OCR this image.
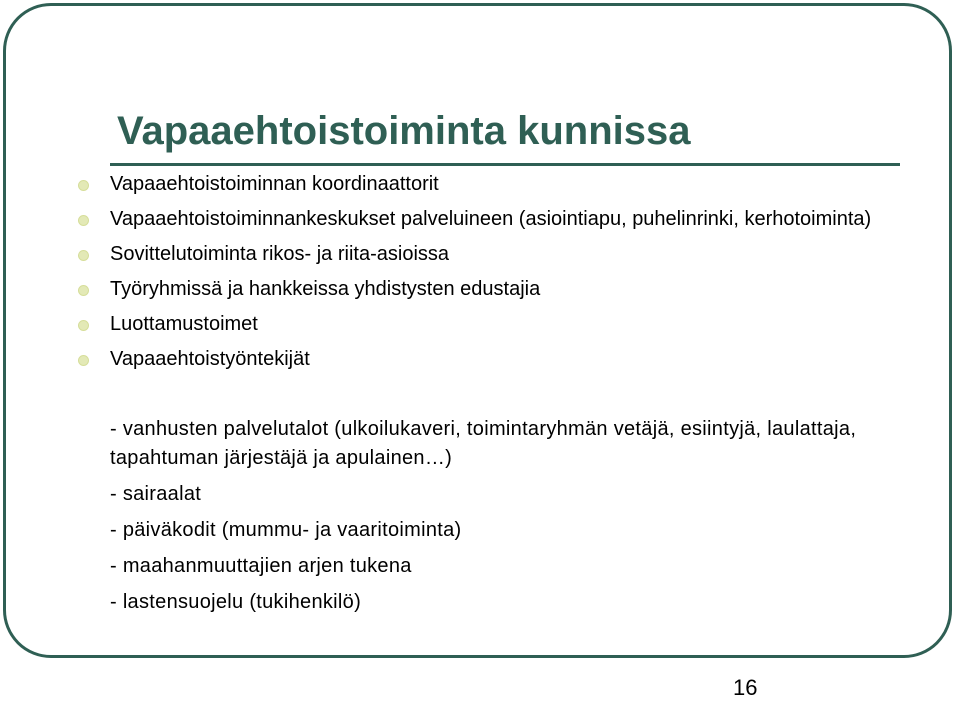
Vapaaehtoistoiminta kunnissa
Vapaaehtoistoiminnan koordinaattorit
Vapaaehtoistoiminnankeskukset palveluineen (asiointiapu, puhelinrinki, kerhotoiminta)
Sovittelutoiminta rikos- ja riita-asioissa
Työryhmissä ja hankkeissa yhdistysten edustajia
Luottamustoimet
Vapaaehtoistyöntekijät
- vanhusten palvelutalot (ulkoilukaveri, toimintaryhmän vetäjä, esiintyjä, laulattaja, tapahtuman järjestäjä ja apulainen…)
- sairaalat
- päiväkodit (mummu- ja vaaritoiminta)
- maahanmuuttajien arjen tukena
- lastensuojelu (tukihenkilö)
16
